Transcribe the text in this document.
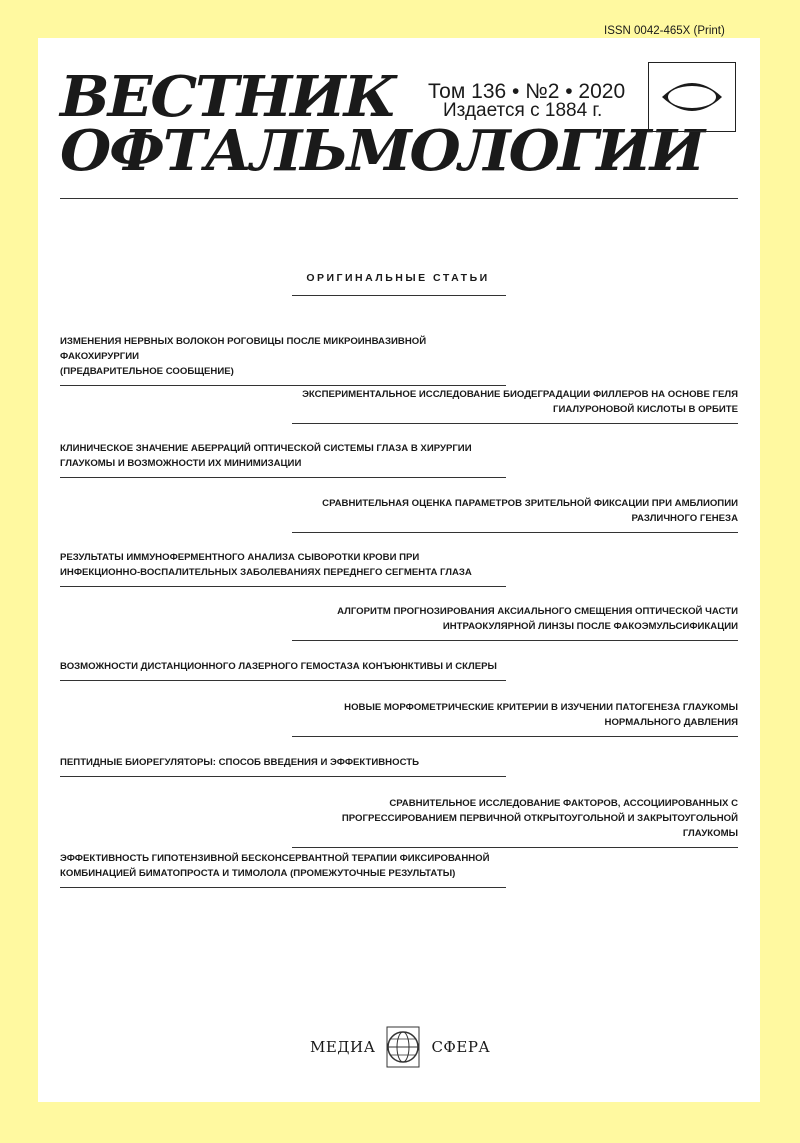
ISSN 0042-465X (Print)
ВЕСТНИК
ОФТАЛЬМОЛОГИИ
Том 136 • №2 • 2020
Издается с 1884 г.
ОРИГИНАЛЬНЫЕ СТАТЬИ
ИЗМЕНЕНИЯ НЕРВНЫХ ВОЛОКОН РОГОВИЦЫ ПОСЛЕ МИКРОИНВАЗИВНОЙ ФАКОХИРУРГИИ
(ПРЕДВАРИТЕЛЬНОЕ СООБЩЕНИЕ)
ЭКСПЕРИМЕНТАЛЬНОЕ ИССЛЕДОВАНИЕ БИОДЕГРАДАЦИИ ФИЛЛЕРОВ НА ОСНОВЕ ГЕЛЯ
ГИАЛУРОНОВОЙ КИСЛОТЫ В ОРБИТЕ
КЛИНИЧЕСКОЕ ЗНАЧЕНИЕ АБЕРРАЦИЙ ОПТИЧЕСКОЙ СИСТЕМЫ ГЛАЗА В ХИРУРГИИ
ГЛАУКОМЫ И ВОЗМОЖНОСТИ ИХ МИНИМИЗАЦИИ
СРАВНИТЕЛЬНАЯ ОЦЕНКА ПАРАМЕТРОВ ЗРИТЕЛЬНОЙ ФИКСАЦИИ ПРИ АМБЛИОПИИ
РАЗЛИЧНОГО ГЕНЕЗА
РЕЗУЛЬТАТЫ ИММУНОФЕРМЕНТНОГО АНАЛИЗА СЫВОРОТКИ КРОВИ ПРИ
ИНФЕКЦИОННО-ВОСПАЛИТЕЛЬНЫХ ЗАБОЛЕВАНИЯХ ПЕРЕДНЕГО СЕГМЕНТА ГЛАЗА
АЛГОРИТМ ПРОГНОЗИРОВАНИЯ АКСИАЛЬНОГО СМЕЩЕНИЯ ОПТИЧЕСКОЙ ЧАСТИ
ИНТРАОКУЛЯРНОЙ ЛИНЗЫ ПОСЛЕ ФАКОЭМУЛЬСИФИКАЦИИ
ВОЗМОЖНОСТИ ДИСТАНЦИОННОГО ЛАЗЕРНОГО ГЕМОСТАЗА КОНЪЮНКТИВЫ И СКЛЕРЫ
НОВЫЕ МОРФОМЕТРИЧЕСКИЕ КРИТЕРИИ В ИЗУЧЕНИИ ПАТОГЕНЕЗА ГЛАУКОМЫ
НОРМАЛЬНОГО ДАВЛЕНИЯ
ПЕПТИДНЫЕ БИОРЕГУЛЯТОРЫ: СПОСОБ ВВЕДЕНИЯ И ЭФФЕКТИВНОСТЬ
СРАВНИТЕЛЬНОЕ ИССЛЕДОВАНИЕ ФАКТОРОВ, АССОЦИИРОВАННЫХ С
ПРОГРЕССИРОВАНИЕМ ПЕРВИЧНОЙ ОТКРЫТОУГОЛЬНОЙ И ЗАКРЫТОУГОЛЬНОЙ ГЛАУКОМЫ
ЭФФЕКТИВНОСТЬ ГИПОТЕНЗИВНОЙ БЕСКОНСЕРВАНТНОЙ ТЕРАПИИ ФИКСИРОВАННОЙ
КОМБИНАЦИЕЙ БИМАТОПРОСТА И ТИМОЛОЛА (ПРОМЕЖУТОЧНЫЕ РЕЗУЛЬТАТЫ)
МЕДИА	СФЕРА
